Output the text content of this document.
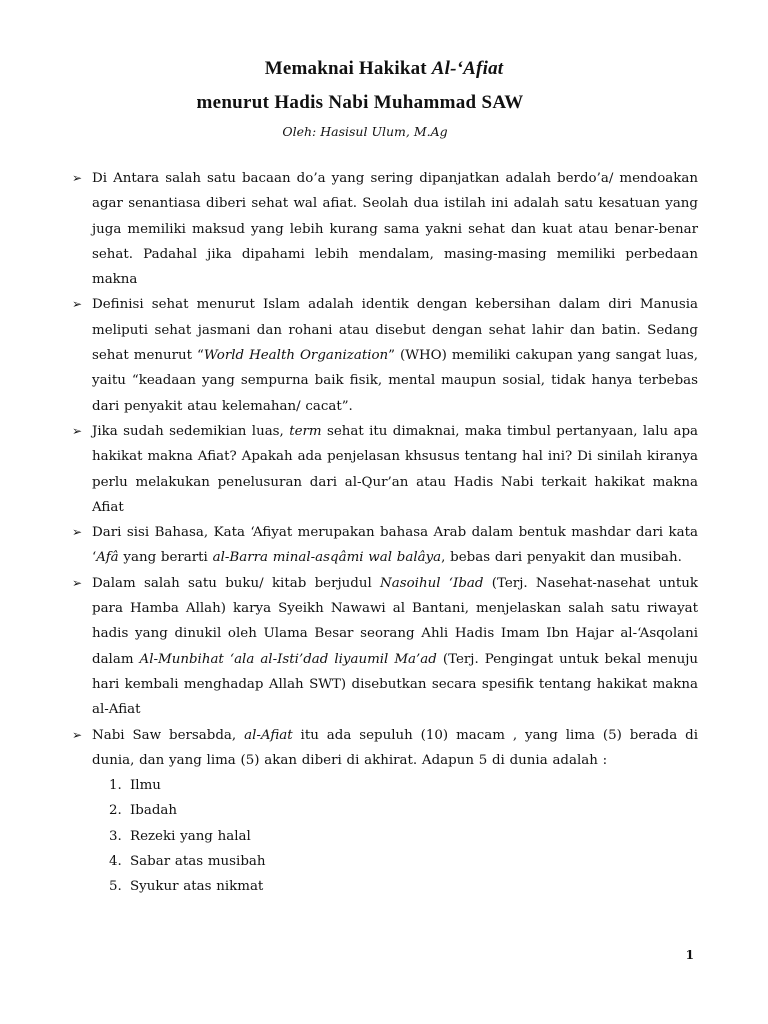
Memaknai Hakikat Al-‘Afiat
menurut Hadis Nabi Muhammad SAW
Oleh: Hasisul Ulum, M.Ag
➢ Di Antara salah satu bacaan do’a yang sering dipanjatkan adalah berdo’a/ mendoakan agar senantiasa diberi sehat wal afiat. Seolah dua istilah ini adalah satu kesatuan yang juga memiliki maksud yang lebih kurang sama yakni sehat dan kuat atau benar-benar sehat. Padahal jika dipahami lebih mendalam, masing-masing memiliki perbedaan makna
➢ Definisi sehat menurut Islam adalah identik dengan kebersihan dalam diri Manusia meliputi sehat jasmani dan rohani atau disebut dengan sehat lahir dan batin. Sedang sehat menurut “World Health Organization” (WHO) memiliki cakupan yang sangat luas, yaitu “keadaan yang sempurna baik fisik, mental maupun sosial, tidak hanya terbebas dari penyakit atau kelemahan/ cacat”.
➢ Jika sudah sedemikian luas, term sehat itu dimaknai, maka timbul pertanyaan, lalu apa hakikat makna Afiat? Apakah ada penjelasan khsusus tentang hal ini? Di sinilah kiranya perlu melakukan penelusuran dari al-Qur’an atau Hadis Nabi terkait hakikat makna Afiat
➢ Dari sisi Bahasa, Kata ‘Afiyat merupakan bahasa Arab dalam bentuk mashdar dari kata ‘Afâ yang berarti al-Barra minal-asqâmi wal balâya, bebas dari penyakit dan musibah.
➢ Dalam salah satu buku/ kitab berjudul Nasoihul ‘Ibad (Terj. Nasehat-nasehat untuk para Hamba Allah) karya Syeikh Nawawi al Bantani, menjelaskan salah satu riwayat hadis yang dinukil oleh Ulama Besar seorang Ahli Hadis Imam Ibn Hajar al-‘Asqolani dalam Al-Munbihat ‘ala al-Isti’dad liyaumil Ma’ad (Terj. Pengingat untuk bekal menuju hari kembali menghadap Allah SWT) disebutkan secara spesifik tentang hakikat makna al-Afiat
➢ Nabi Saw bersabda, al-Afiat itu ada sepuluh (10) macam , yang lima (5) berada di dunia, dan yang lima (5) akan diberi di akhirat. Adapun 5 di dunia adalah :
1. Ilmu
2. Ibadah
3. Rezeki yang halal
4. Sabar atas musibah
5. Syukur atas nikmat
1
